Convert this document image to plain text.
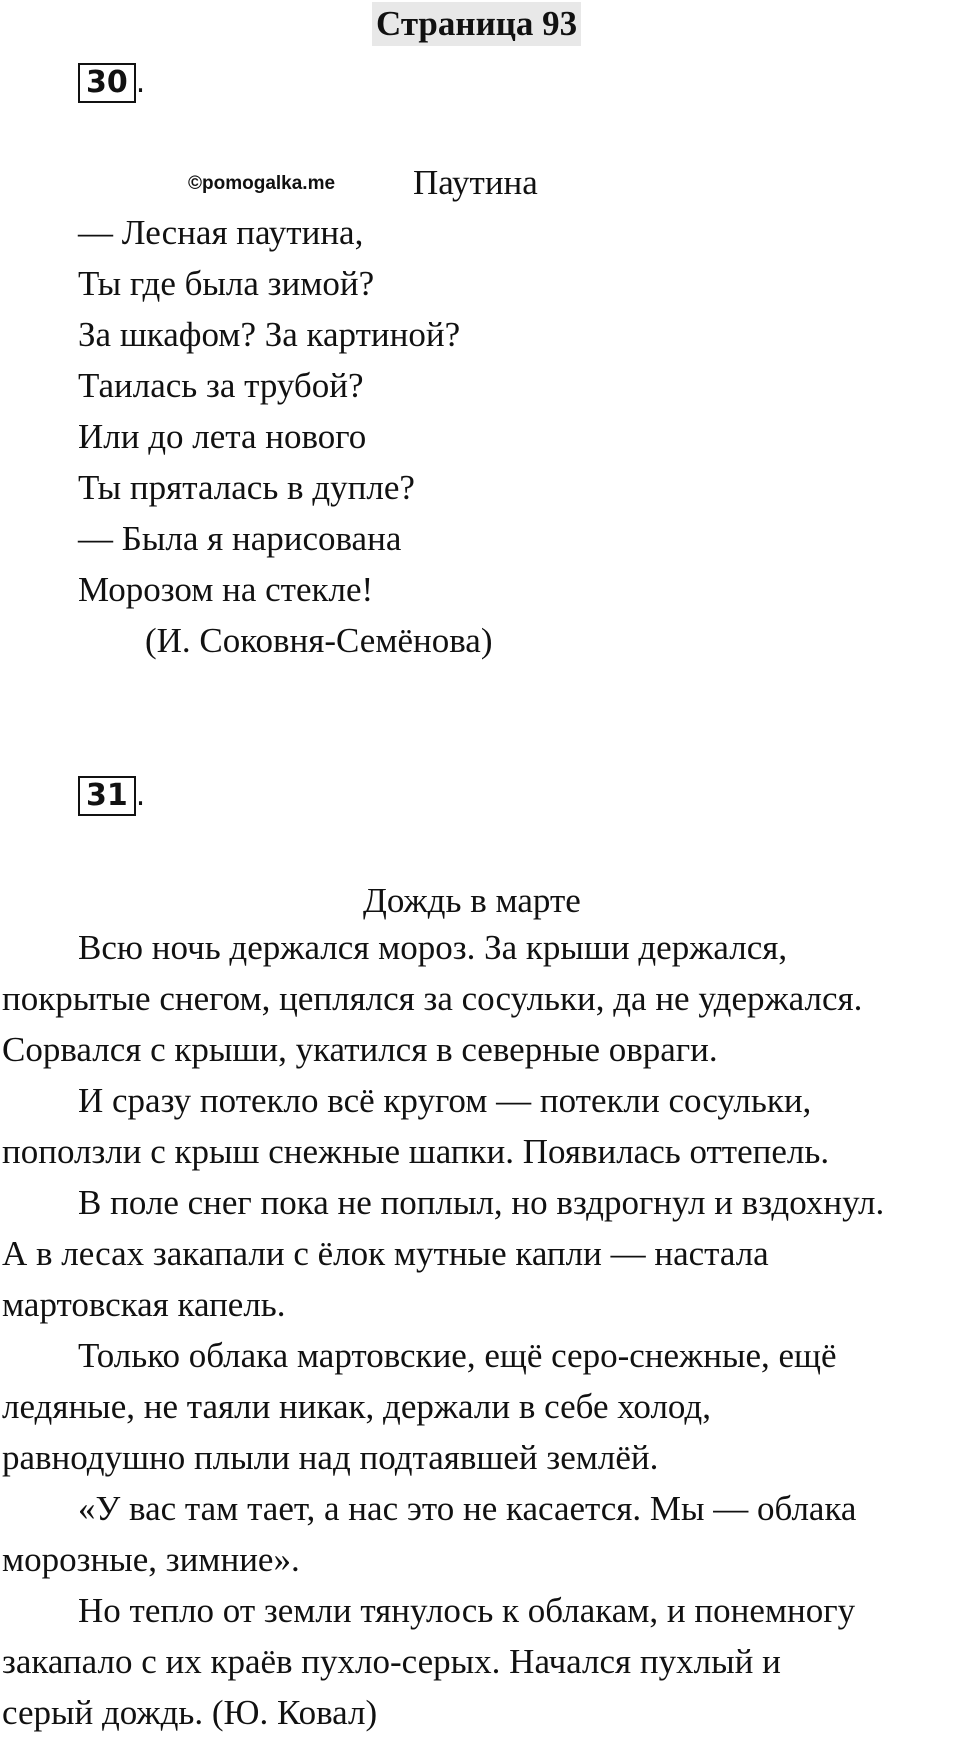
Страница 93
30 .
©pomogalka.me Паутина
— Лесная паутина,
Ты где была зимой?
За шкафом? За картиной?
Таилась за трубой?
Или до лета нового
Ты пряталась в дупле?
— Была я нарисована
Морозом на стекле!
(И. Соковня-Семёнова)
31 .
Дождь в марте
Всю ночь держался мороз. За крыши держался,
покрытые снегом, цеплялся за сосульки, да не удержался.
Сорвался с крыши, укатился в северные овраги.
И сразу потекло всё кругом — потекли сосульки,
поползли с крыш снежные шапки. Появилась оттепель.
В поле снег пока не поплыл, но вздрогнул и вздохнул.
А в лесах закапали с ёлок мутные капли — настала
мартовская капель.
Только облака мартовские, ещё серо-снежные, ещё
ледяные, не таяли никак, держали в себе холод,
равнодушно плыли над подтаявшей землёй.
«У вас там тает, а нас это не касается. Мы — облака
морозные, зимние».
Но тепло от земли тянулось к облакам, и понемногу
закапало с их краёв пухло-серых. Начался пухлый и
серый дождь. (Ю. Ковал)
